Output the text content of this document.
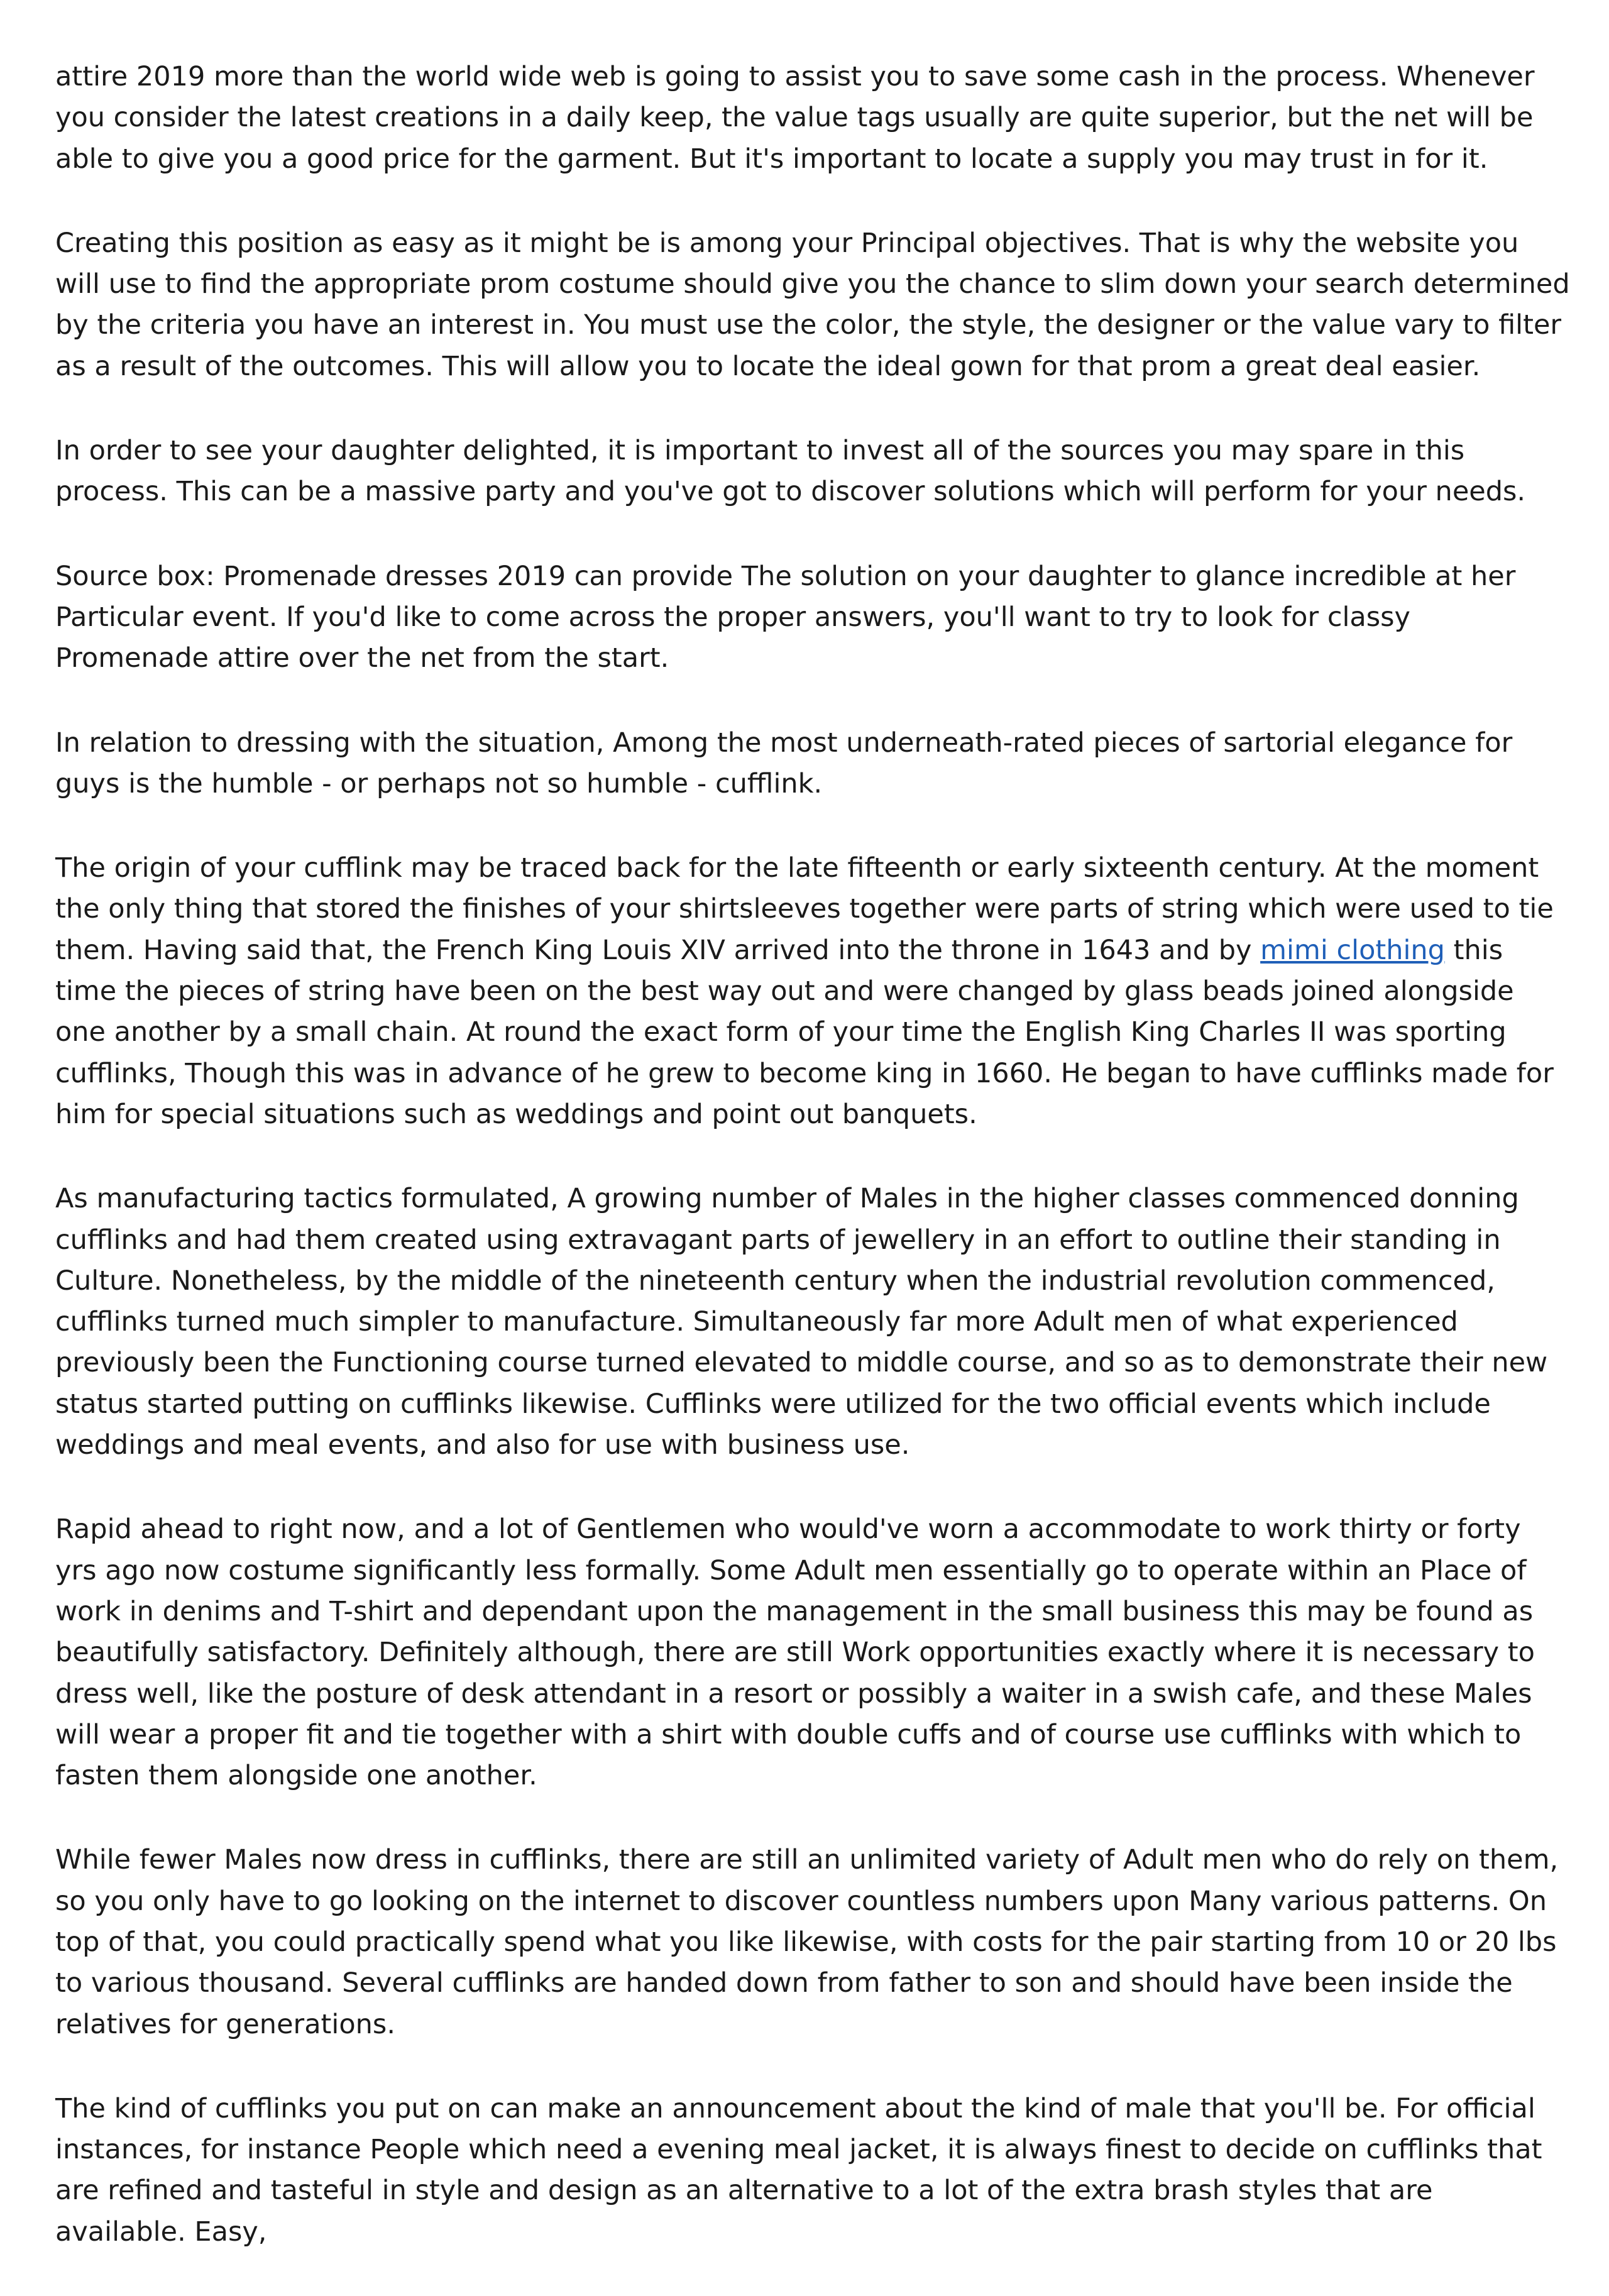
attire 2019 more than the world wide web is going to assist you to save some cash in the process. Whenever you consider the latest creations in a daily keep, the value tags usually are quite superior, but the net will be able to give you a good price for the garment. But it's important to locate a supply you may trust in for it.

Creating this position as easy as it might be is among your Principal objectives. That is why the website you will use to find the appropriate prom costume should give you the chance to slim down your search determined by the criteria you have an interest in. You must use the color, the style, the designer or the value vary to filter as a result of the outcomes. This will allow you to locate the ideal gown for that prom a great deal easier.

In order to see your daughter delighted, it is important to invest all of the sources you may spare in this process. This can be a massive party and you've got to discover solutions which will perform for your needs.

Source box: Promenade dresses 2019 can provide The solution on your daughter to glance incredible at her Particular event. If you'd like to come across the proper answers, you'll want to try to look for classy Promenade attire over the net from the start.

In relation to dressing with the situation, Among the most underneath-rated pieces of sartorial elegance for guys is the humble - or perhaps not so humble - cufflink.

The origin of your cufflink may be traced back for the late fifteenth or early sixteenth century. At the moment the only thing that stored the finishes of your shirtsleeves together were parts of string which were used to tie them. Having said that, the French King Louis XIV arrived into the throne in 1643 and by mimi clothing this time the pieces of string have been on the best way out and were changed by glass beads joined alongside one another by a small chain. At round the exact form of your time the English King Charles II was sporting cufflinks, Though this was in advance of he grew to become king in 1660. He began to have cufflinks made for him for special situations such as weddings and point out banquets.

As manufacturing tactics formulated, A growing number of Males in the higher classes commenced donning cufflinks and had them created using extravagant parts of jewellery in an effort to outline their standing in Culture. Nonetheless, by the middle of the nineteenth century when the industrial revolution commenced, cufflinks turned much simpler to manufacture. Simultaneously far more Adult men of what experienced previously been the Functioning course turned elevated to middle course, and so as to demonstrate their new status started putting on cufflinks likewise. Cufflinks were utilized for the two official events which include weddings and meal events, and also for use with business use.

Rapid ahead to right now, and a lot of Gentlemen who would've worn a accommodate to work thirty or forty yrs ago now costume significantly less formally. Some Adult men essentially go to operate within an Place of work in denims and T-shirt and dependant upon the management in the small business this may be found as beautifully satisfactory. Definitely although, there are still Work opportunities exactly where it is necessary to dress well, like the posture of desk attendant in a resort or possibly a waiter in a swish cafe, and these Males will wear a proper fit and tie together with a shirt with double cuffs and of course use cufflinks with which to fasten them alongside one another.

While fewer Males now dress in cufflinks, there are still an unlimited variety of Adult men who do rely on them, so you only have to go looking on the internet to discover countless numbers upon Many various patterns. On top of that, you could practically spend what you like likewise, with costs for the pair starting from 10 or 20 lbs to various thousand. Several cufflinks are handed down from father to son and should have been inside the relatives for generations.

The kind of cufflinks you put on can make an announcement about the kind of male that you'll be. For official instances, for instance People which need a evening meal jacket, it is always finest to decide on cufflinks that are refined and tasteful in style and design as an alternative to a lot of the extra brash styles that are available. Easy,
